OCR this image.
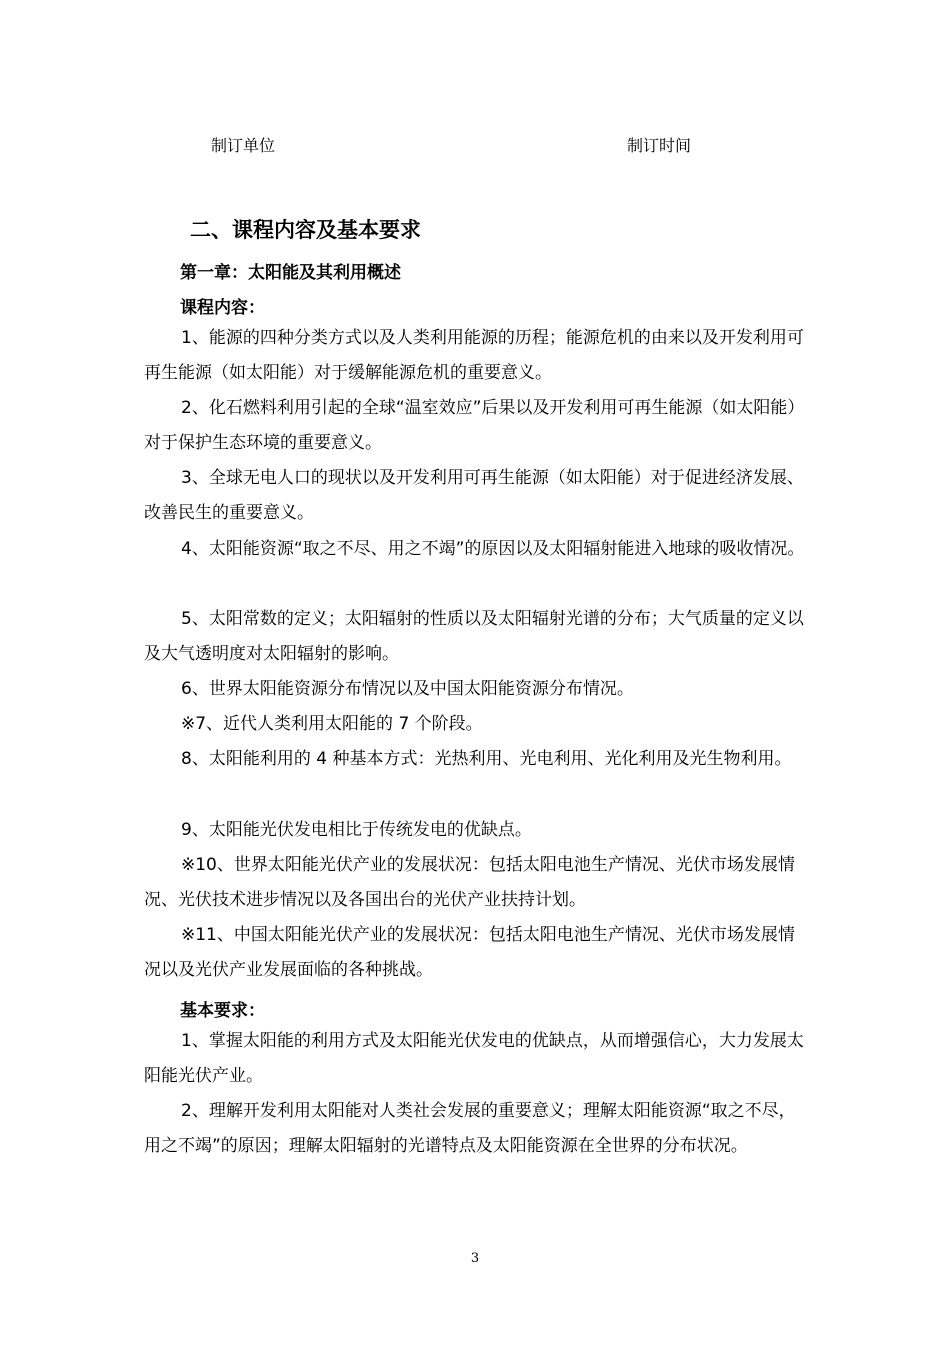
制订单位	制订时间
二、课程内容及基本要求
第一章：太阳能及其利用概述
课程内容：

1、能源的四种分类方式以及人类利用能源的历程；能源危机的由来以及开发利用可再生能源（如太阳能）对于缓解能源危机的重要意义。

2、化石燃料利用引起的全球“温室效应”后果以及开发利用可再生能源（如太阳能）对于保护生态环境的重要意义。

3、全球无电人口的现状以及开发利用可再生能源（如太阳能）对于促进经济发展、改善民生的重要意义。

4、太阳能资源“取之不尽、用之不竭”的原因以及太阳辐射能进入地球的吸收情况。

5、太阳常数的定义；太阳辐射的性质以及太阳辐射光谱的分布；大气质量的定义以及大气透明度对太阳辐射的影响。

6、世界太阳能资源分布情况以及中国太阳能资源分布情况。

※7、近代人类利用太阳能的 7 个阶段。

8、太阳能利用的 4 种基本方式：光热利用、光电利用、光化利用及光生物利用。

9、太阳能光伏发电相比于传统发电的优缺点。

※10、世界太阳能光伏产业的发展状况：包括太阳电池生产情况、光伏市场发展情况、光伏技术进步情况以及各国出台的光伏产业扶持计划。

※11、中国太阳能光伏产业的发展状况：包括太阳电池生产情况、光伏市场发展情况以及光伏产业发展面临的各种挑战。

基本要求：

1、掌握太阳能的利用方式及太阳能光伏发电的优缺点，从而增强信心，大力发展太阳能光伏产业。

2、理解开发利用太阳能对人类社会发展的重要意义；理解太阳能资源“取之不尽，用之不竭”的原因；理解太阳辐射的光谱特点及太阳能资源在全世界的分布状况。

3
